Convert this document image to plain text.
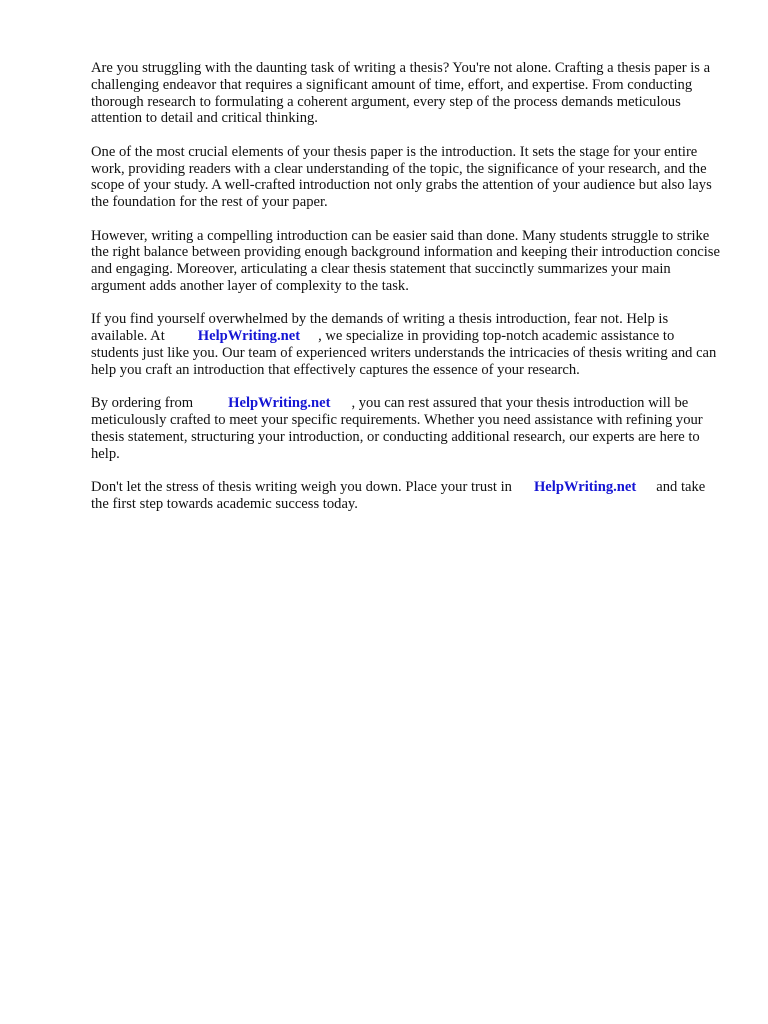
Are you struggling with the daunting task of writing a thesis? You're not alone. Crafting a thesis paper is a challenging endeavor that requires a significant amount of time, effort, and expertise. From conducting thorough research to formulating a coherent argument, every step of the process demands meticulous attention to detail and critical thinking.

One of the most crucial elements of your thesis paper is the introduction. It sets the stage for your entire work, providing readers with a clear understanding of the topic, the significance of your research, and the scope of your study. A well-crafted introduction not only grabs the attention of your audience but also lays the foundation for the rest of your paper.

However, writing a compelling introduction can be easier said than done. Many students struggle to strike the right balance between providing enough background information and keeping their introduction concise and engaging. Moreover, articulating a clear thesis statement that succinctly summarizes your main argument adds another layer of complexity to the task.

If you find yourself overwhelmed by the demands of writing a thesis introduction, fear not. Help is available. At HelpWriting.net , we specialize in providing top-notch academic assistance to students just like you. Our team of experienced writers understands the intricacies of thesis writing and can help you craft an introduction that effectively captures the essence of your research.

By ordering from HelpWriting.net , you can rest assured that your thesis introduction will be meticulously crafted to meet your specific requirements. Whether you need assistance with refining your thesis statement, structuring your introduction, or conducting additional research, our experts are here to help.

Don't let the stress of thesis writing weigh you down. Place your trust in HelpWriting.net and take the first step towards academic success today.
